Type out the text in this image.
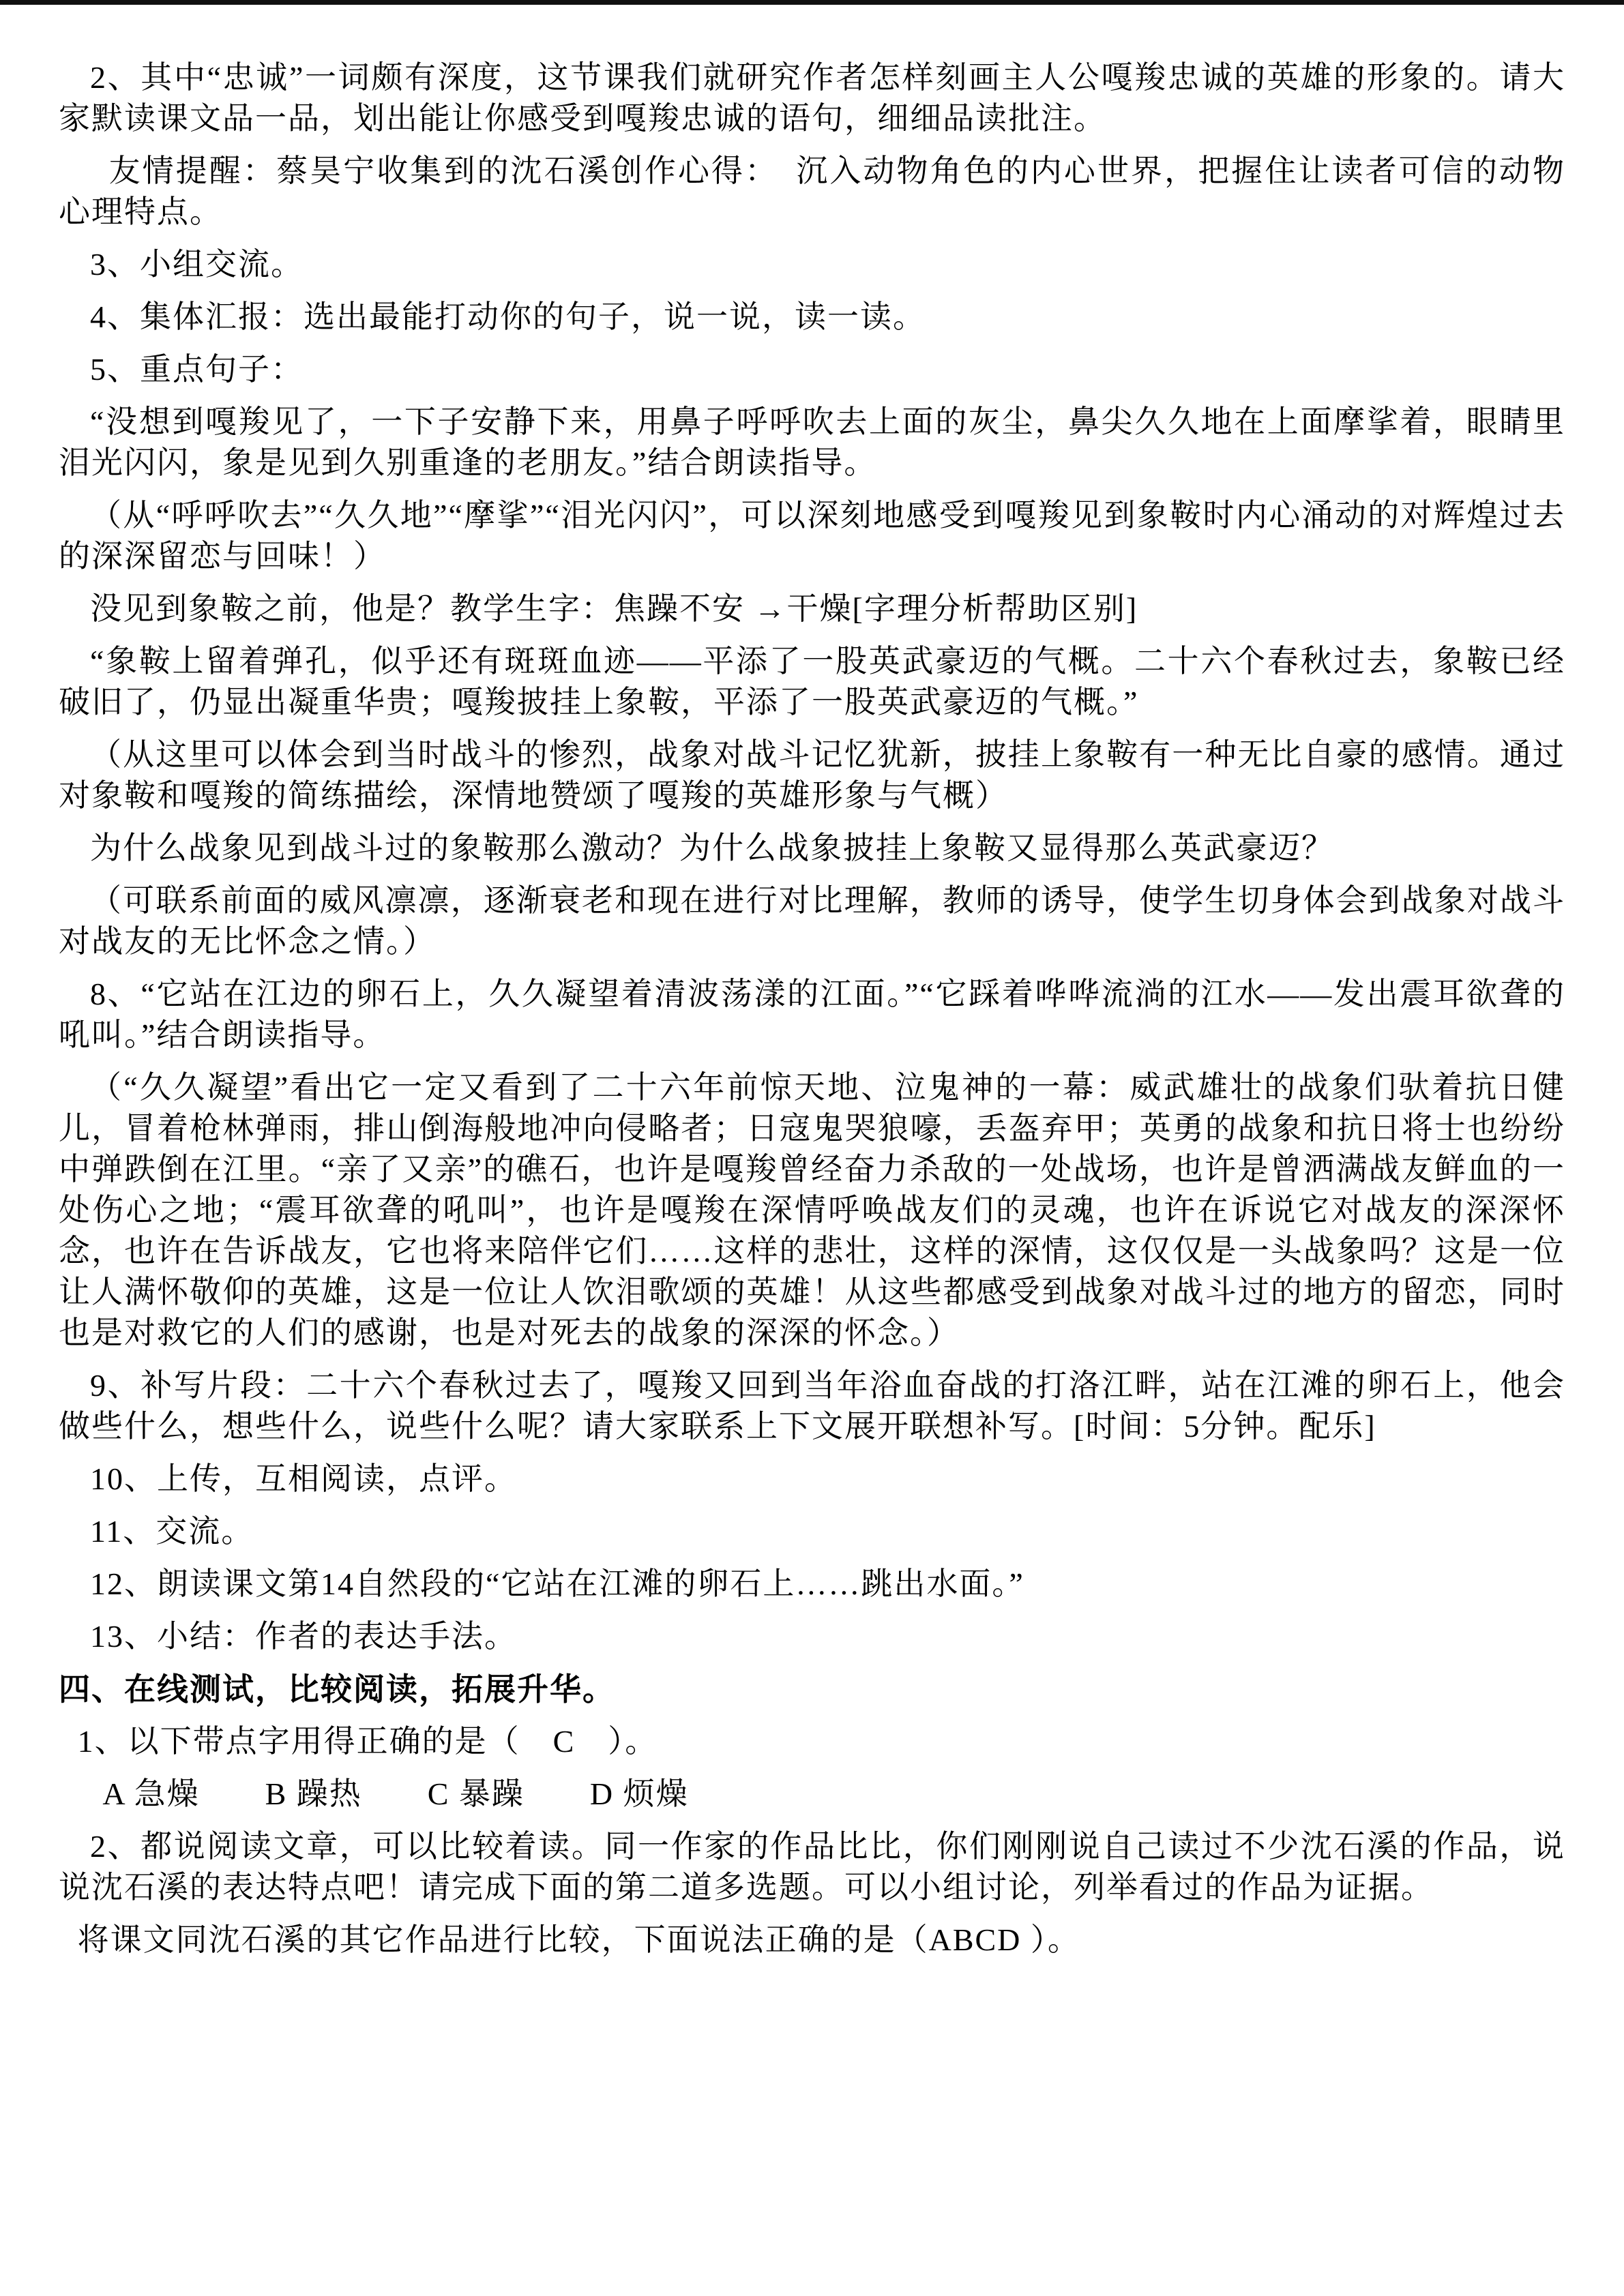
2、其中“忠诚”一词颇有深度，这节课我们就研究作者怎样刻画主人公嘎羧忠诚的英雄的形象的。请大家默读课文品一品，划出能让你感受到嘎羧忠诚的语句，细细品读批注。

友情提醒：蔡昊宁收集到的沈石溪创作心得：　沉入动物角色的内心世界，把握住让读者可信的动物心理特点。

3、小组交流。

4、集体汇报：选出最能打动你的句子，说一说，读一读。

5、重点句子：

“没想到嘎羧见了，一下子安静下来，用鼻子呼呼吹去上面的灰尘，鼻尖久久地在上面摩挲着，眼睛里泪光闪闪，象是见到久别重逢的老朋友。”结合朗读指导。

（从“呼呼吹去”“久久地”“摩挲”“泪光闪闪”，可以深刻地感受到嘎羧见到象鞍时内心涌动的对辉煌过去的深深留恋与回味！）

没见到象鞍之前，他是？教学生字：焦躁不安 →干燥[字理分析帮助区别]

“象鞍上留着弹孔，似乎还有斑斑血迹——平添了一股英武豪迈的气概。二十六个春秋过去，象鞍已经破旧了，仍显出凝重华贵；嘎羧披挂上象鞍，平添了一股英武豪迈的气概。”

（从这里可以体会到当时战斗的惨烈，战象对战斗记忆犹新，披挂上象鞍有一种无比自豪的感情。通过对象鞍和嘎羧的简练描绘，深情地赞颂了嘎羧的英雄形象与气概）

为什么战象见到战斗过的象鞍那么激动？为什么战象披挂上象鞍又显得那么英武豪迈？

（可联系前面的威风凛凛，逐渐衰老和现在进行对比理解，教师的诱导，使学生切身体会到战象对战斗对战友的无比怀念之情。）

8、“它站在江边的卵石上，久久凝望着清波荡漾的江面。”“它踩着哗哗流淌的江水——发出震耳欲聋的吼叫。”结合朗读指导。

（“久久凝望”看出它一定又看到了二十六年前惊天地、泣鬼神的一幕：威武雄壮的战象们驮着抗日健儿，冒着枪林弹雨，排山倒海般地冲向侵略者；日寇鬼哭狼嚎，丢盔弃甲；英勇的战象和抗日将士也纷纷中弹跌倒在江里。“亲了又亲”的礁石，也许是嘎羧曾经奋力杀敌的一处战场，也许是曾洒满战友鲜血的一处伤心之地；“震耳欲聋的吼叫”，也许是嘎羧在深情呼唤战友们的灵魂，也许在诉说它对战友的深深怀念，也许在告诉战友，它也将来陪伴它们……这样的悲壮，这样的深情，这仅仅是一头战象吗？这是一位让人满怀敬仰的英雄，这是一位让人饮泪歌颂的英雄！从这些都感受到战象对战斗过的地方的留恋，同时也是对救它的人们的感谢，也是对死去的战象的深深的怀念。）

9、补写片段：二十六个春秋过去了，嘎羧又回到当年浴血奋战的打洛江畔，站在江滩的卵石上，他会做些什么，想些什么，说些什么呢？请大家联系上下文展开联想补写。[时间：5分钟。配乐]

10、上传，互相阅读，点评。

11、交流。

12、朗读课文第14自然段的“它站在江滩的卵石上……跳出水面。”

13、小结：作者的表达手法。

四、在线测试，比较阅读，拓展升华。

1、以下带点字用得正确的是（　C　）。

A 急燥　　B 躁热　　C 暴躁　　D 烦燥

2、都说阅读文章，可以比较着读。同一作家的作品比比，你们刚刚说自己读过不少沈石溪的作品，说说沈石溪的表达特点吧！请完成下面的第二道多选题。可以小组讨论，列举看过的作品为证据。

将课文同沈石溪的其它作品进行比较，下面说法正确的是（ABCD ）。
